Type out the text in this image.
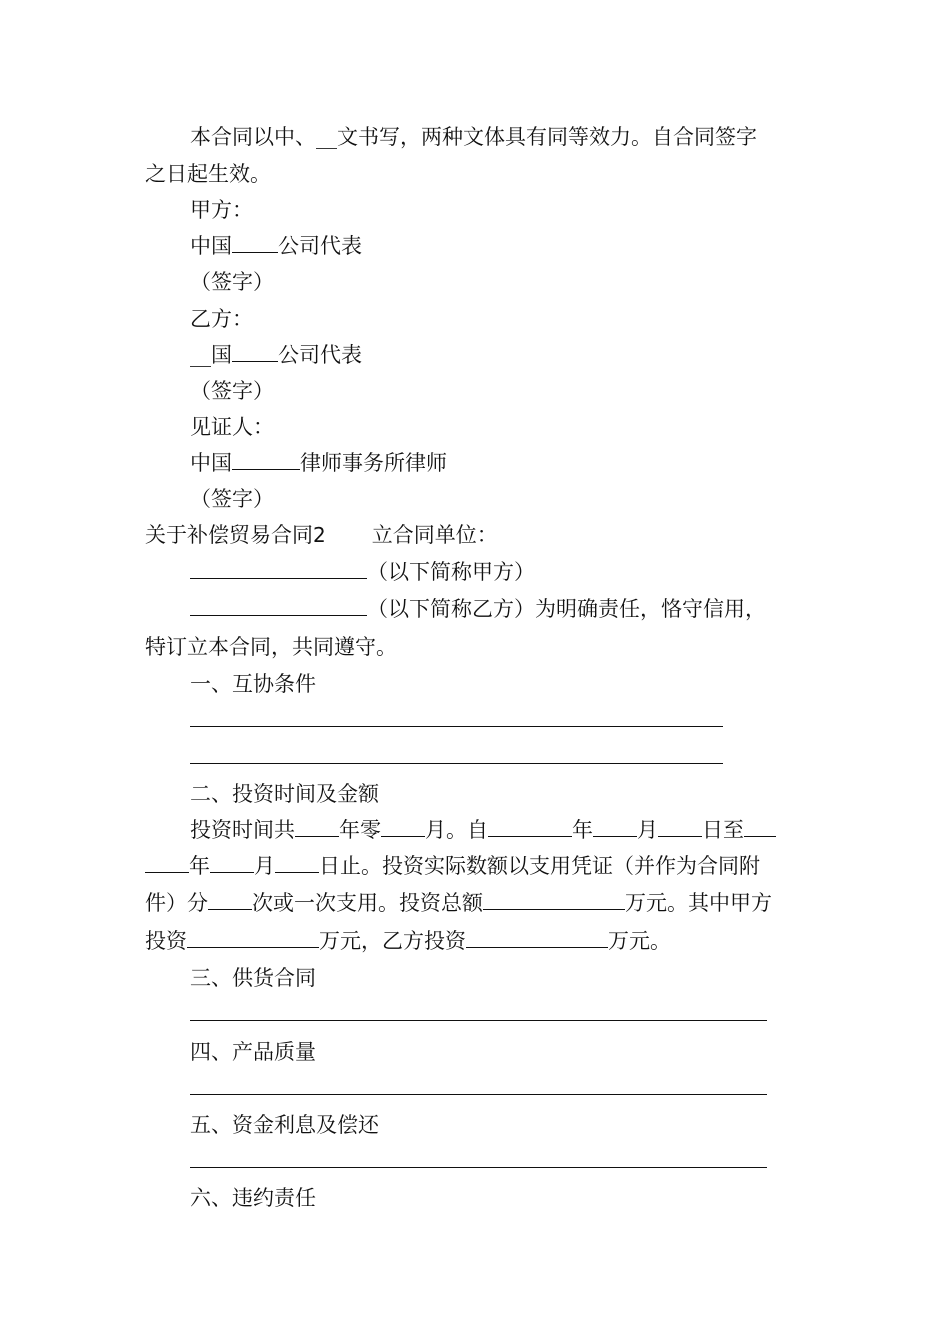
本合同以中、__文书写，两种文体具有同等效力。自合同签字
之日起生效。
甲方：
中国 公司代表
（签字）
乙方：
__国 公司代表
（签字）
见证人：
中国	律师事务所律师
（签字）
关于补偿贸易合同2 立合同单位：
（以下简称甲方）
（以下简称乙方）为明确责任，恪守信用，
特订立本合同，共同遵守。
一、互协条件
二、投资时间及金额
投资时间共 年零 月。自	年 月 日至
年 月 日止。投资实际数额以支用凭证（并作为合同附
件）分 次或一次支用。投资总额	万元。其中甲方
投资	万元，乙方投资	万元。
三、供货合同
四、产品质量
五、资金利息及偿还
六、违约责任
